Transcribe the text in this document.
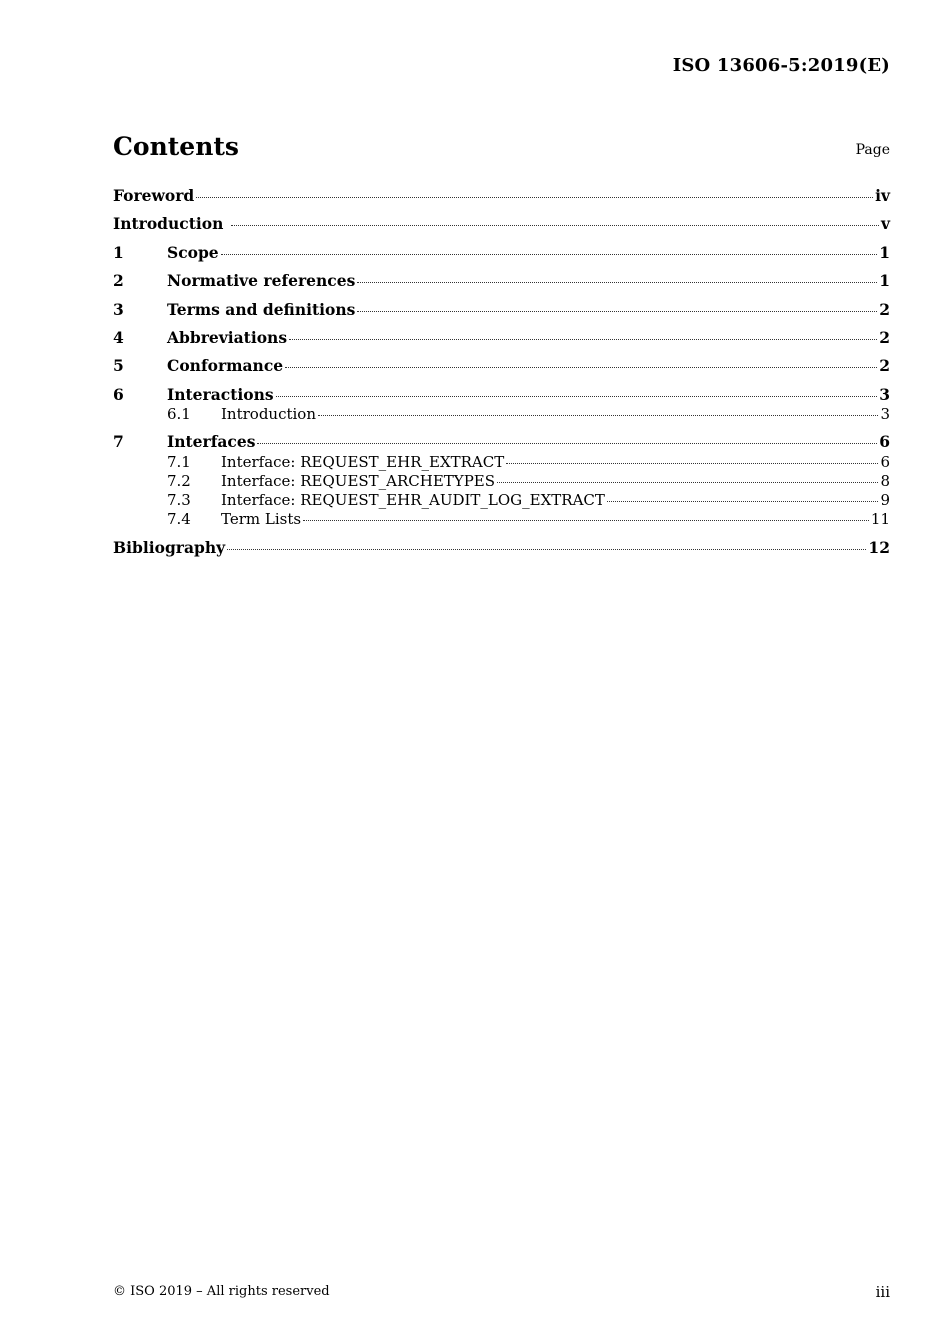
ISO 13606-5:2019(E)
Contents	Page
Foreword	iv
Introduction	v
1	Scope	1
2	Normative references	1
3	Terms and definitions	2
4	Abbreviations	2
5	Conformance	2
6	Interactions	3
6.1	Introduction	3
7	Interfaces	6
7.1	Interface: REQUEST_EHR_EXTRACT	6
7.2	Interface: REQUEST_ARCHETYPES	8
7.3	Interface: REQUEST_EHR_AUDIT_LOG_EXTRACT	9
7.4	Term Lists	11
Bibliography	12
© ISO 2019 – All rights reserved	iii
